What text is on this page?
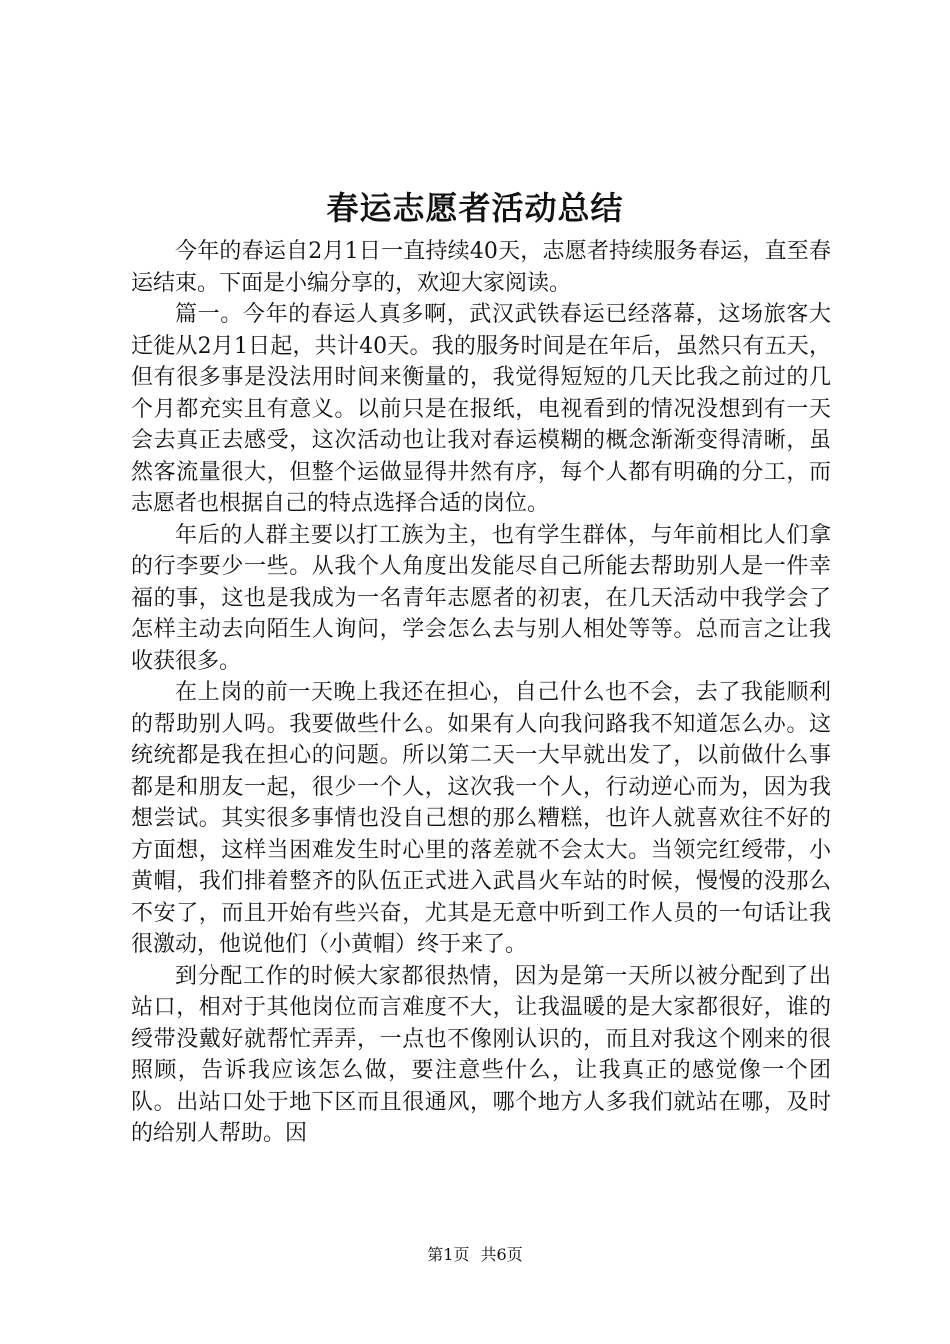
春运志愿者活动总结

今年的春运自2月1日一直持续40天，志愿者持续服务春运，直至春运结束。下面是小编分享的，欢迎大家阅读。

篇一。今年的春运人真多啊，武汉武铁春运已经落幕，这场旅客大迁徙从2月1日起，共计40天。我的服务时间是在年后，虽然只有五天，但有很多事是没法用时间来衡量的，我觉得短短的几天比我之前过的几个月都充实且有意义。以前只是在报纸，电视看到的情况没想到有一天会去真正去感受，这次活动也让我对春运模糊的概念渐渐变得清晰，虽然客流量很大，但整个运做显得井然有序，每个人都有明确的分工，而志愿者也根据自己的特点选择合适的岗位。

年后的人群主要以打工族为主，也有学生群体，与年前相比人们拿的行李要少一些。从我个人角度出发能尽自己所能去帮助别人是一件幸福的事，这也是我成为一名青年志愿者的初衷，在几天活动中我学会了怎样主动去向陌生人询问，学会怎么去与别人相处等等。总而言之让我收获很多。

在上岗的前一天晚上我还在担心，自己什么也不会，去了我能顺利的帮助别人吗。我要做些什么。如果有人向我问路我不知道怎么办。这统统都是我在担心的问题。所以第二天一大早就出发了，以前做什么事都是和朋友一起，很少一个人，这次我一个人，行动逆心而为，因为我想尝试。其实很多事情也没自己想的那么糟糕，也许人就喜欢往不好的方面想，这样当困难发生时心里的落差就不会太大。当领完红绶带，小黄帽，我们排着整齐的队伍正式进入武昌火车站的时候，慢慢的没那么不安了，而且开始有些兴奋，尤其是无意中听到工作人员的一句话让我很激动，他说他们（小黄帽）终于来了。

到分配工作的时候大家都很热情，因为是第一天所以被分配到了出站口，相对于其他岗位而言难度不大，让我温暖的是大家都很好，谁的绶带没戴好就帮忙弄弄，一点也不像刚认识的，而且对我这个刚来的很照顾，告诉我应该怎么做，要注意些什么，让我真正的感觉像一个团队。出站口处于地下区而且很通风，哪个地方人多我们就站在哪，及时的给别人帮助。因

第1页 共6页
